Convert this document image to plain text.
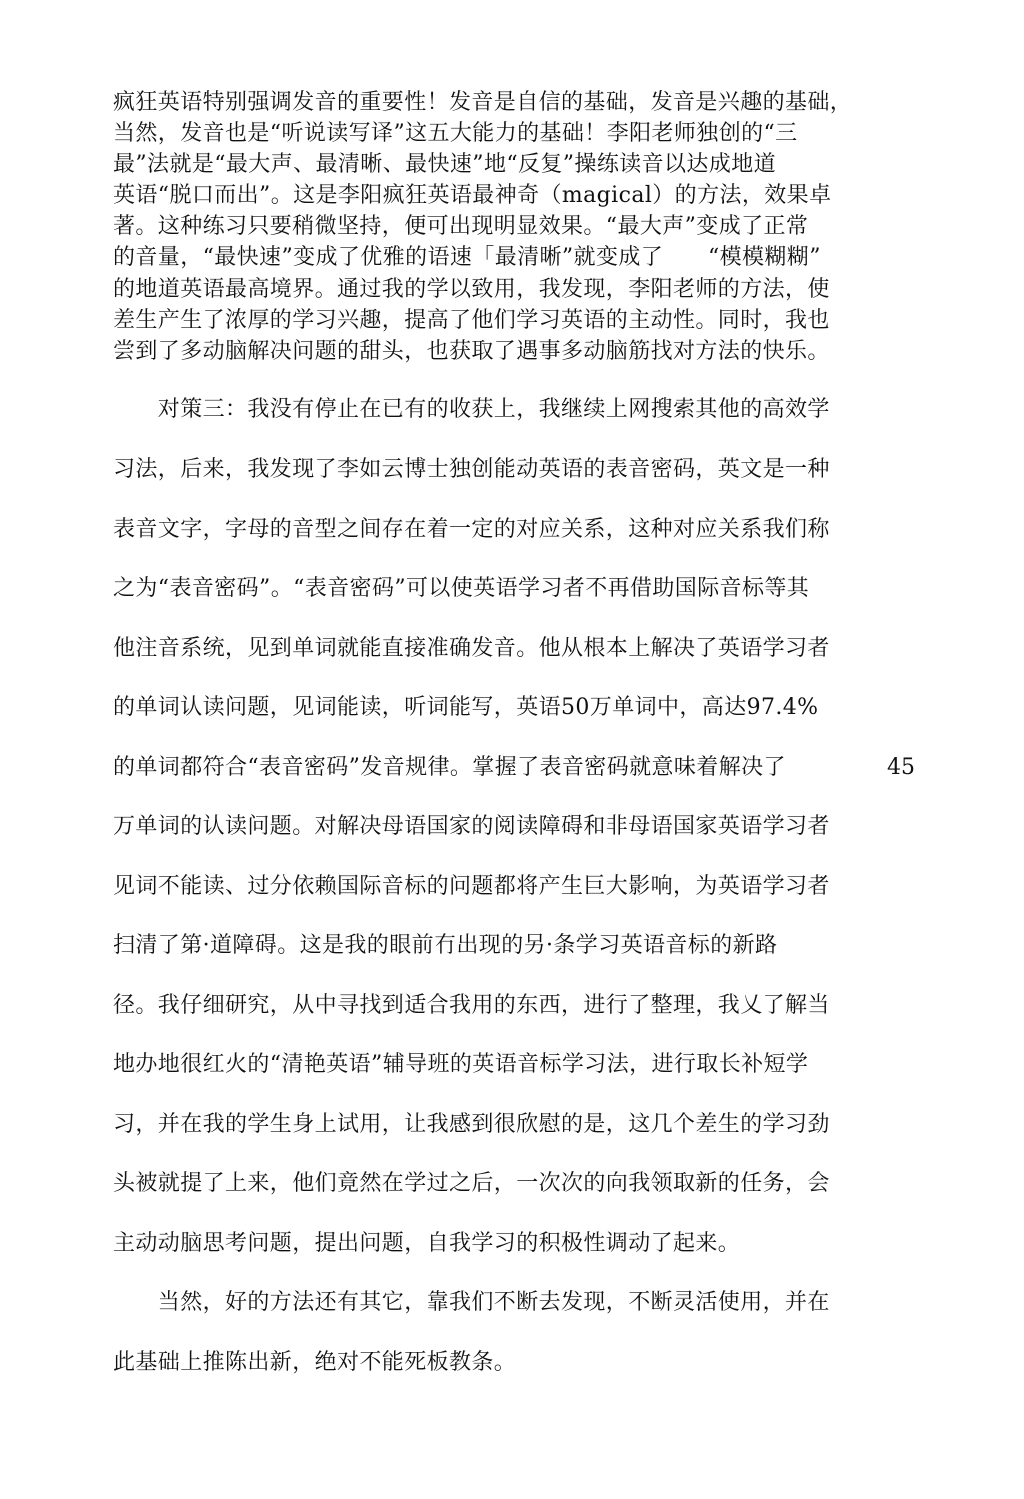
疯狂英语特别强调发音的重要性！发音是自信的基础，发音是兴趣的基础，
当然，发音也是“听说读写译”这五大能力的基础！李阳老师独创的“三
最”法就是“最大声、最清晰、最快速”地“反复”操练读音以达成地道
英语“脱口而出”。这是李阳疯狂英语最神奇（magical）的方法，效果卓
著。这种练习只要稍微坚持，便可出现明显效果。“最大声”变成了正常
的音量，“最快速”变成了优雅的语速「最清晰”就变成了　　“模模糊糊”
的地道英语最高境界。通过我的学以致用，我发现，李阳老师的方法，使
差生产生了浓厚的学习兴趣，提高了他们学习英语的主动性。同时，我也
尝到了多动脑解决问题的甜头，也获取了遇事多动脑筋找对方法的快乐。
　　对策三：我没有停止在已有的收获上，我继续上网搜索其他的高效学
习法，后来，我发现了李如云博士独创能动英语的表音密码，英文是一种
表音文字，字母的音型之间存在着一定的对应关系，这种对应关系我们称
之为“表音密码”。“表音密码”可以使英语学习者不再借助国际音标等其
他注音系统，见到单词就能直接准确发音。他从根本上解决了英语学习者
的单词认读问题，见词能读，听词能写，英语50万单词中，高达97.4%
的单词都符合“表音密码”发音规律。掌握了表音密码就意味着解决了	45
万单词的认读问题。对解决母语国家的阅读障碍和非母语国家英语学习者
见词不能读、过分依赖国际音标的问题都将产生巨大影响，为英语学习者
扫清了第·道障碍。这是我的眼前冇出现的另·条学习英语音标的新路
径。我仔细研究，从中寻找到适合我用的东西，进行了整理，我乂了解当
地办地很红火的“清艳英语”辅导班的英语音标学习法，进行取长补短学
习，并在我的学生身上试用，让我感到很欣慰的是，这几个差生的学习劲
头被就提了上来，他们竟然在学过之后，一次次的向我领取新的任务，会
主动动脑思考问题，提出问题，自我学习的积极性调动了起来。
　　当然，好的方法还有其它，靠我们不断去发现，不断灵活使用，并在
此基础上推陈出新，绝对不能死板教条。
